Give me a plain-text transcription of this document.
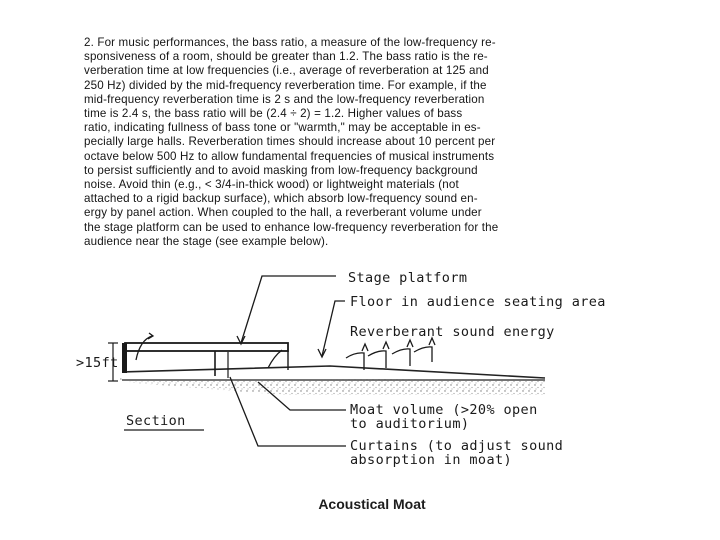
2. For music performances, the bass ratio, a measure of the low-frequency re-
sponsiveness of a room, should be greater than 1.2. The bass ratio is the re-
verberation time at low frequencies (i.e., average of reverberation at 125 and
250 Hz) divided by the mid-frequency reverberation time. For example, if the
mid-frequency reverberation time is 2 s and the low-frequency reverberation
time is 2.4 s, the bass ratio will be (2.4 ÷ 2) = 1.2. Higher values of bass
ratio, indicating fullness of bass tone or "warmth," may be acceptable in es-
pecially large halls. Reverberation times should increase about 10 percent per
octave below 500 Hz to allow fundamental frequencies of musical instruments
to persist sufficiently and to avoid masking from low-frequency background
noise. Avoid thin (e.g., < 3/4-in-thick wood) or lightweight materials (not
attached to a rigid backup surface), which absorb low-frequency sound en-
ergy by panel action. When coupled to the hall, a reverberant volume under
the stage platform can be used to enhance low-frequency reverberation for the
audience near the stage (see example below).
>15ft
Stage platform
Floor in audience seating area
Reverberant sound energy
Moat volume (>20% open
to auditorium)
Curtains (to adjust sound
absorption in moat)
Section
Acoustical Moat
